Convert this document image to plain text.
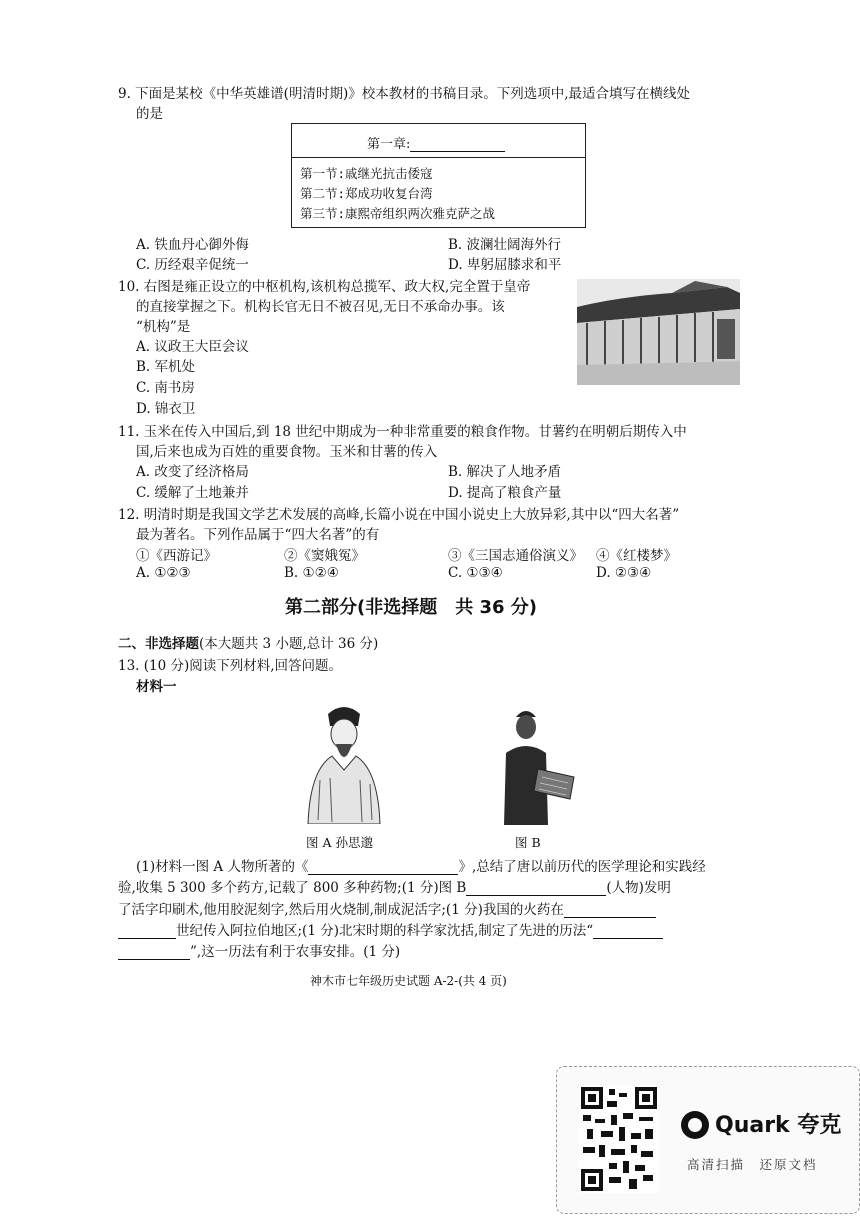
9. 下面是某校《中华英雄谱(明清时期)》校本教材的书稿目录。下列选项中,最适合填写在横线处
的是
第一章:
第一节:戚继光抗击倭寇
第二节:郑成功收复台湾
第三节:康熙帝组织两次雅克萨之战
A. 铁血丹心御外侮	B. 波澜壮阔海外行
C. 历经艰辛促统一	D. 卑躬屈膝求和平
10. 右图是雍正设立的中枢机构,该机构总揽军、政大权,完全置于皇帝
的直接掌握之下。机构长官无日不被召见,无日不承命办事。该
“机构”是
A. 议政王大臣会议
B. 军机处
C. 南书房
D. 锦衣卫
11. 玉米在传入中国后,到 18 世纪中期成为一种非常重要的粮食作物。甘薯约在明朝后期传入中
国,后来也成为百姓的重要食物。玉米和甘薯的传入
A. 改变了经济格局	B. 解决了人地矛盾
C. 缓解了土地兼并	D. 提高了粮食产量
12. 明清时期是我国文学艺术发展的高峰,长篇小说在中国小说史上大放异彩,其中以“四大名著”
最为著名。下列作品属于“四大名著”的有
①《西游记》	②《窦娥冤》	③《三国志通俗演义》 ④《红楼梦》
A. ①②③	B. ①②④	C. ①③④	D. ②③④
第二部分(非选择题　共 36 分)
二、非选择题(本大题共 3 小题,总计 36 分)
13. (10 分)阅读下列材料,回答问题。
材料一
图 A 孙思邈	图 B
(1)材料一图 A 人物所著的《	》,总结了唐以前历代的医学理论和实践经
验,收集 5 300 多个药方,记载了 800 多种药物;(1 分)图 B	(人物)发明
了活字印刷术,他用胶泥刻字,然后用火烧制,制成泥活字;(1 分)我国的火药在
世纪传入阿拉伯地区;(1 分)北宋时期的科学家沈括,制定了先进的历法“
”,这一历法有利于农事安排。(1 分)
神木市七年级历史试题 A-2-(共 4 页)
Quark 夸克
高清扫描　还原文档
